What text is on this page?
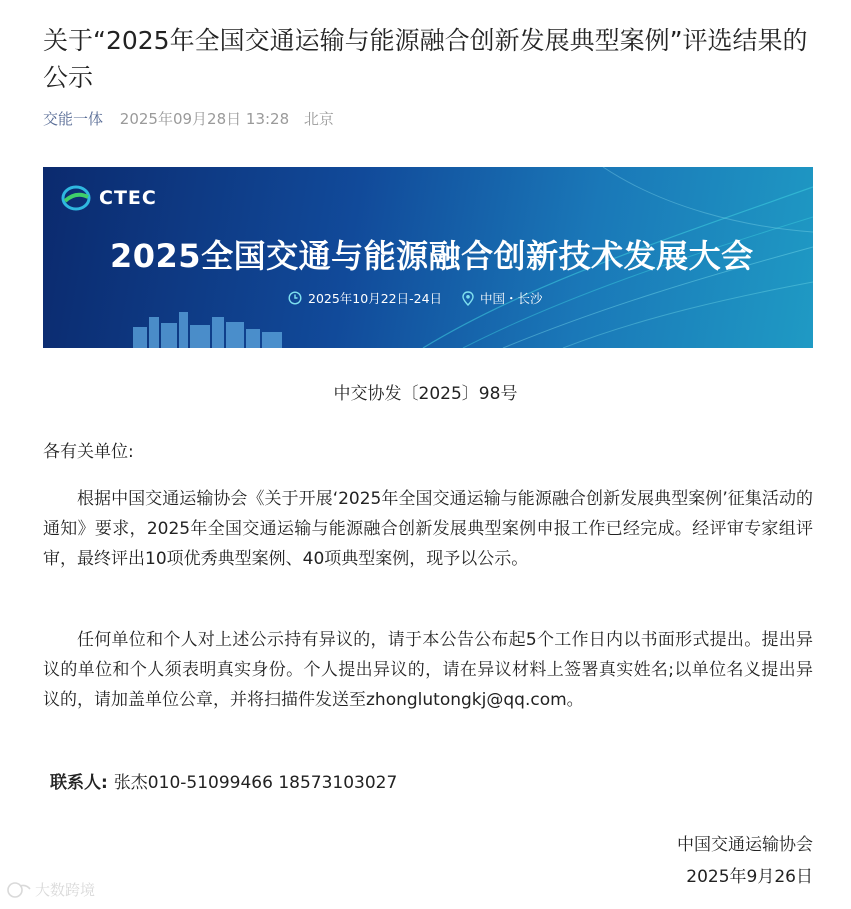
关于“2025年全国交通运输与能源融合创新发展典型案例”评选结果的公示
交能一体 2025年09月28日 13:28 北京
CTEC
2025全国交通与能源融合创新技术发展大会
2025年10月22日-24日	中国・长沙
中交协发〔2025〕98号
各有关单位:

根据中国交通运输协会《关于开展‘2025年全国交通运输与能源融合创新发展典型案例’征集活动的通知》要求，2025年全国交通运输与能源融合创新发展典型案例申报工作已经完成。经评审专家组评审，最终评出10项优秀典型案例、40项典型案例，现予以公示。

任何单位和个人对上述公示持有异议的，请于本公告公布起5个工作日内以书面形式提出。提出异议的单位和个人须表明真实身份。个人提出异议的，请在异议材料上签署真实姓名;以单位名义提出异议的，请加盖单位公章，并将扫描件发送至zhonglutongkj@qq.com。

联系人: 张杰010-51099466 18573103027
中国交通运输协会
2025年9月26日
大数跨境
